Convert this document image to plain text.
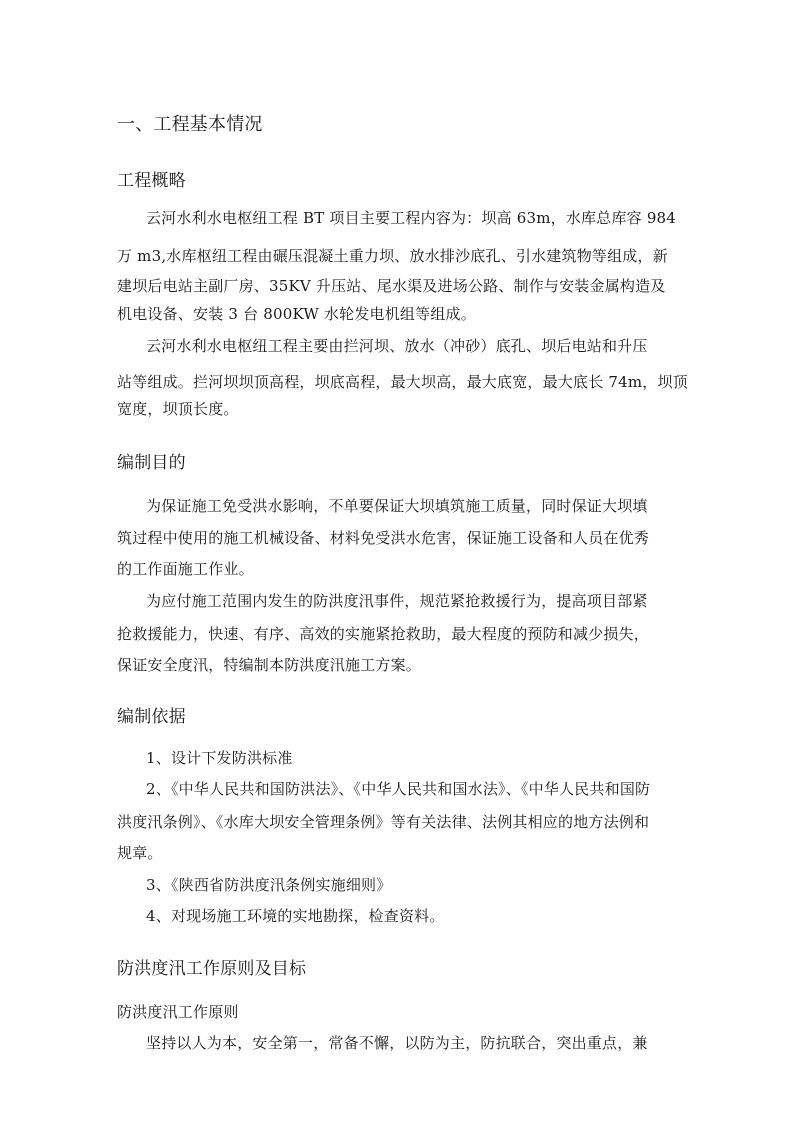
一、工程基本情况
工程概略
云河水利水电枢纽工程 BT 项目主要工程内容为：坝高 63m，水库总库容 984
万 m3,水库枢纽工程由碾压混凝土重力坝、放水排沙底孔、引水建筑物等组成，新
建坝后电站主副厂房、35KV 升压站、尾水渠及进场公路、制作与安装金属构造及
机电设备、安装 3 台 800KW 水轮发电机组等组成。
云河水利水电枢纽工程主要由拦河坝、放水（冲砂）底孔、坝后电站和升压
站等组成。拦河坝坝顶高程，坝底高程，最大坝高，最大底宽，最大底长 74m，坝顶
宽度，坝顶长度。
编制目的
为保证施工免受洪水影响，不单要保证大坝填筑施工质量，同时保证大坝填
筑过程中使用的施工机械设备、材料免受洪水危害，保证施工设备和人员在优秀
的工作面施工作业。
为应付施工范围内发生的防洪度汛事件，规范紧抢救援行为，提高项目部紧
抢救援能力，快速、有序、高效的实施紧抢救助，最大程度的预防和减少损失，
保证安全度汛，特编制本防洪度汛施工方案。
编制依据
1、设计下发防洪标准
2、《中华人民共和国防洪法》、《中华人民共和国水法》、《中华人民共和国防
洪度汛条例》、《水库大坝安全管理条例》等有关法律、法例其相应的地方法例和
规章。
3、《陕西省防洪度汛条例实施细则》
4、对现场施工环境的实地勘探，检查资料。
防洪度汛工作原则及目标
防洪度汛工作原则
坚持以人为本，安全第一，常备不懈，以防为主，防抗联合，突出重点，兼
